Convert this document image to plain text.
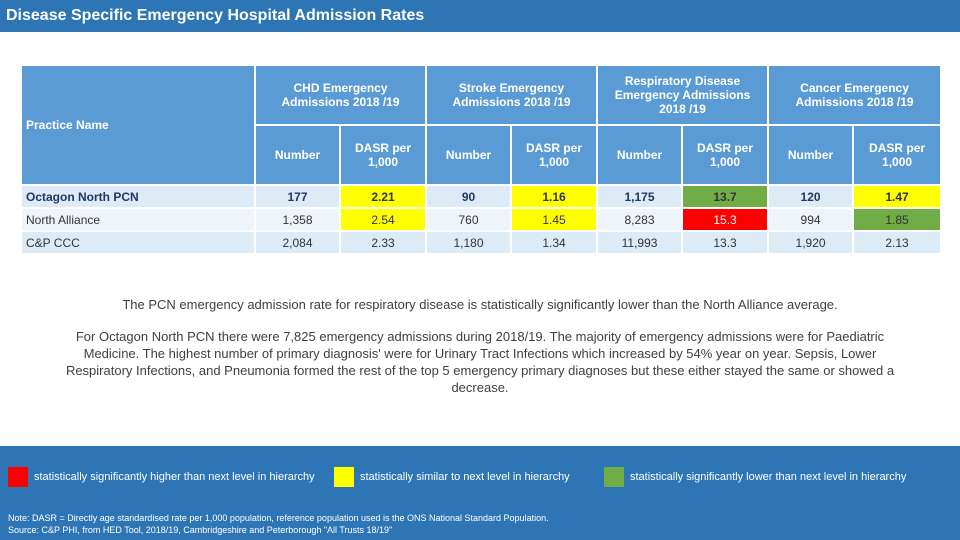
Disease Specific Emergency Hospital Admission Rates
Practice Name	CHD Emergency Admissions 2018 /19		Stroke Emergency Admissions 2018 /19		Respiratory Disease Emergency Admissions 2018 /19		Cancer Emergency Admissions 2018 /19	
	Number	DASR per 1,000	Number	DASR per 1,000	Number	DASR per 1,000	Number	DASR per 1,000
Octagon North PCN	177	2.21	90	1.16	1,175	13.7	120	1.47
North Alliance	1,358	2.54	760	1.45	8,283	15.3	994	1.85
C&P CCC	2,084	2.33	1,180	1.34	11,993	13.3	1,920	2.13

The PCN emergency admission rate for respiratory disease is statistically significantly lower than the North Alliance average.

For Octagon North PCN there were 7,825 emergency admissions during 2018/19. The majority of emergency admissions were for Paediatric Medicine. The highest number of primary diagnosis' were for Urinary Tract Infections which increased by 54% year on year. Sepsis, Lower Respiratory Infections, and Pneumonia formed the rest of the top 5 emergency primary diagnoses but these either stayed the same or showed a decrease.

statistically significantly higher than next level in hierarchy	statistically similar to next level in hierarchy	statistically significantly lower than next level in hierarchy
Note: DASR = Directly age standardised rate per 1,000 population, reference population used is the ONS National Standard Population.
Source: C&P PHI, from HED Tool, 2018/19, Cambridgeshire and Peterborough "All Trusts 18/19"
